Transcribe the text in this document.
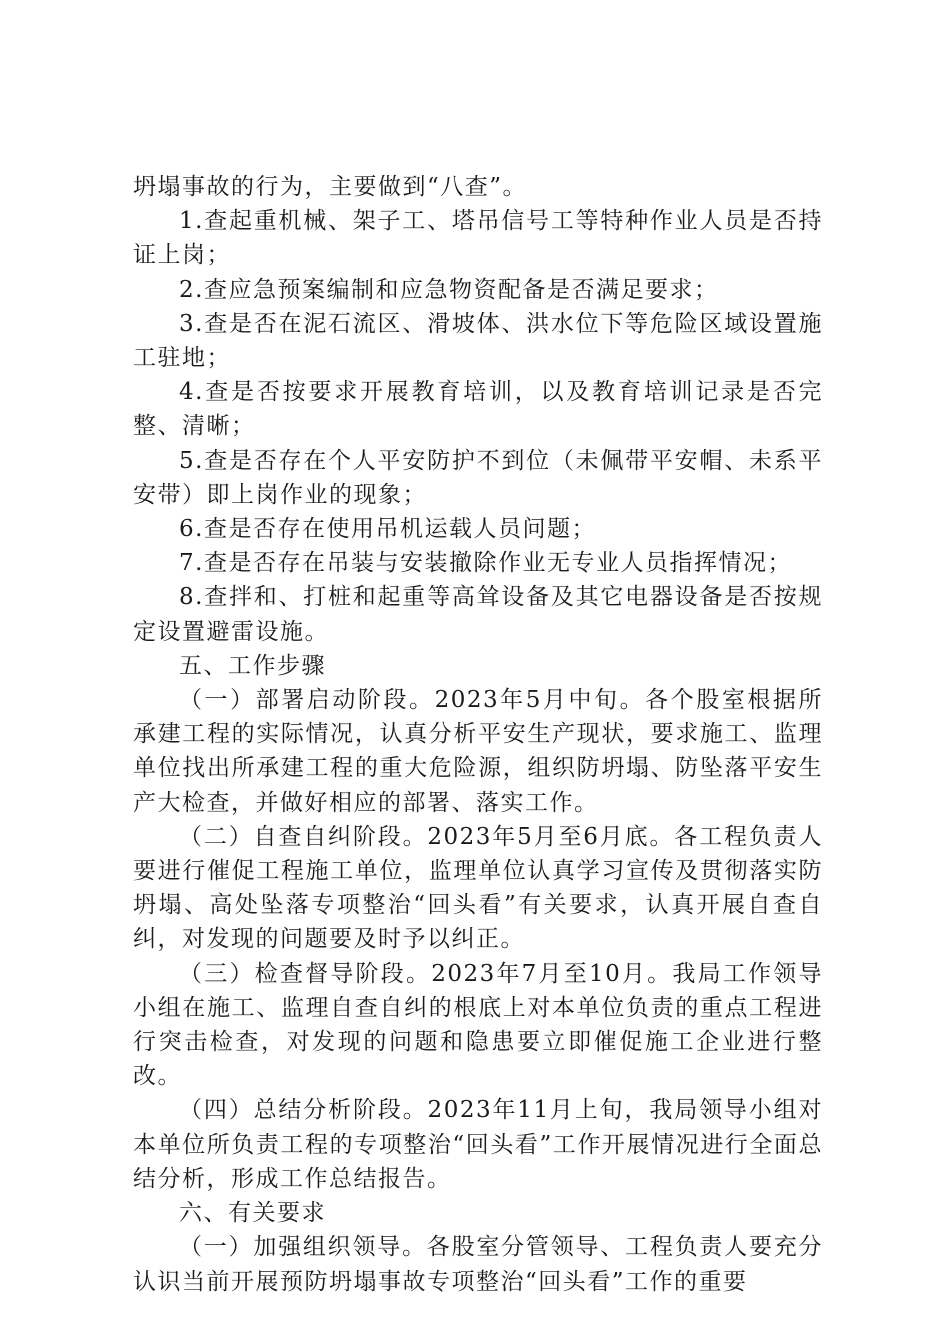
坍塌事故的行为，主要做到“八查”。

1.查起重机械、架子工、塔吊信号工等特种作业人员是否持证上岗；

2.查应急预案编制和应急物资配备是否满足要求；

3.查是否在泥石流区、滑坡体、洪水位下等危险区域设置施工驻地；

4.查是否按要求开展教育培训，以及教育培训记录是否完整、清晰；

5.查是否存在个人平安防护不到位（未佩带平安帽、未系平安带）即上岗作业的现象；

6.查是否存在使用吊机运载人员问题；

7.查是否存在吊装与安装撤除作业无专业人员指挥情况；

8.查拌和、打桩和起重等高耸设备及其它电器设备是否按规定设置避雷设施。

五、工作步骤

（一）部署启动阶段。2023年5月中旬。各个股室根据所承建工程的实际情况，认真分析平安生产现状，要求施工、监理单位找出所承建工程的重大危险源，组织防坍塌、防坠落平安生产大检查，并做好相应的部署、落实工作。

（二）自查自纠阶段。2023年5月至6月底。各工程负责人要进行催促工程施工单位，监理单位认真学习宣传及贯彻落实防坍塌、高处坠落专项整治“回头看”有关要求，认真开展自查自纠，对发现的问题要及时予以纠正。

（三）检查督导阶段。2023年7月至10月。我局工作领导小组在施工、监理自查自纠的根底上对本单位负责的重点工程进行突击检查，对发现的问题和隐患要立即催促施工企业进行整改。

（四）总结分析阶段。2023年11月上旬，我局领导小组对本单位所负责工程的专项整治“回头看”工作开展情况进行全面总结分析，形成工作总结报告。

六、有关要求

（一）加强组织领导。各股室分管领导、工程负责人要充分认识当前开展预防坍塌事故专项整治“回头看”工作的重要
